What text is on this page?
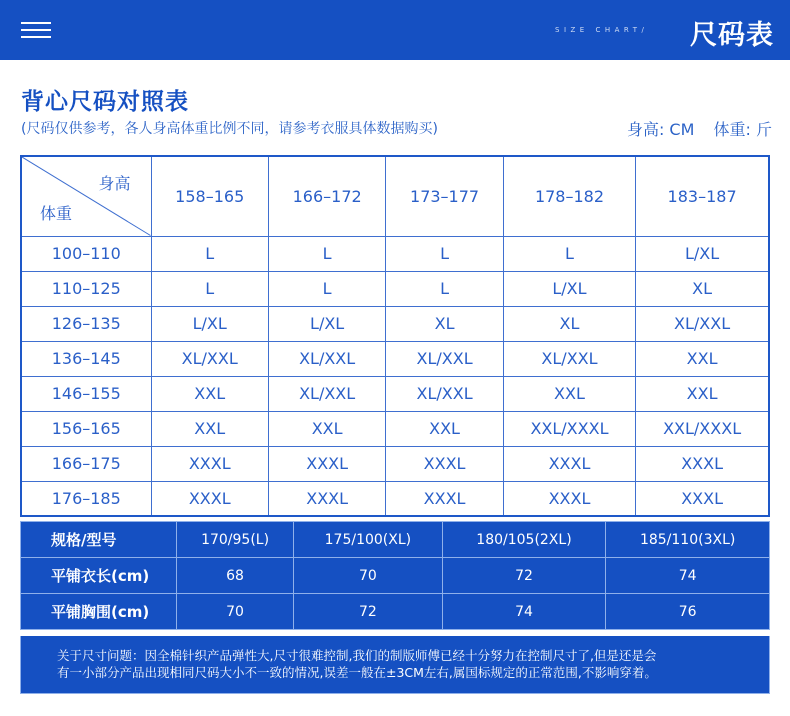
SIZE CHART/ 尺码表
背心尺码对照表
(尺码仅供参考，各人身高体重比例不同，请参考衣服具体数据购买)	身高: CM 体重: 斤
身高
体重	158–165	166–172	173–177	178–182	183–187
100–110	L	L	L	L	L/XL
110–125	L	L	L	L/XL	XL
126–135	L/XL	L/XL	XL	XL	XL/XXL
136–145	XL/XXL	XL/XXL	XL/XXL	XL/XXL	XXL
146–155	XXL	XL/XXL	XL/XXL	XXL	XXL
156–165	XXL	XXL	XXL	XXL/XXXL	XXL/XXXL
166–175	XXXL	XXXL	XXXL	XXXL	XXXL
176–185	XXXL	XXXL	XXXL	XXXL	XXXL
规格/型号	170/95(L)	175/100(XL)	180/105(2XL)	185/110(3XL)
平铺衣长(cm)	68	70	72	74
平铺胸围(cm)	70	72	74	76
关于尺寸问题：因全棉针织产品弹性大,尺寸很难控制,我们的制版师傅已经十分努力在控制尺寸了,但是还是会
有一小部分产品出现相同尺码大小不一致的情况,误差一般在±3CM左右,属国标规定的正常范围,不影响穿着。
